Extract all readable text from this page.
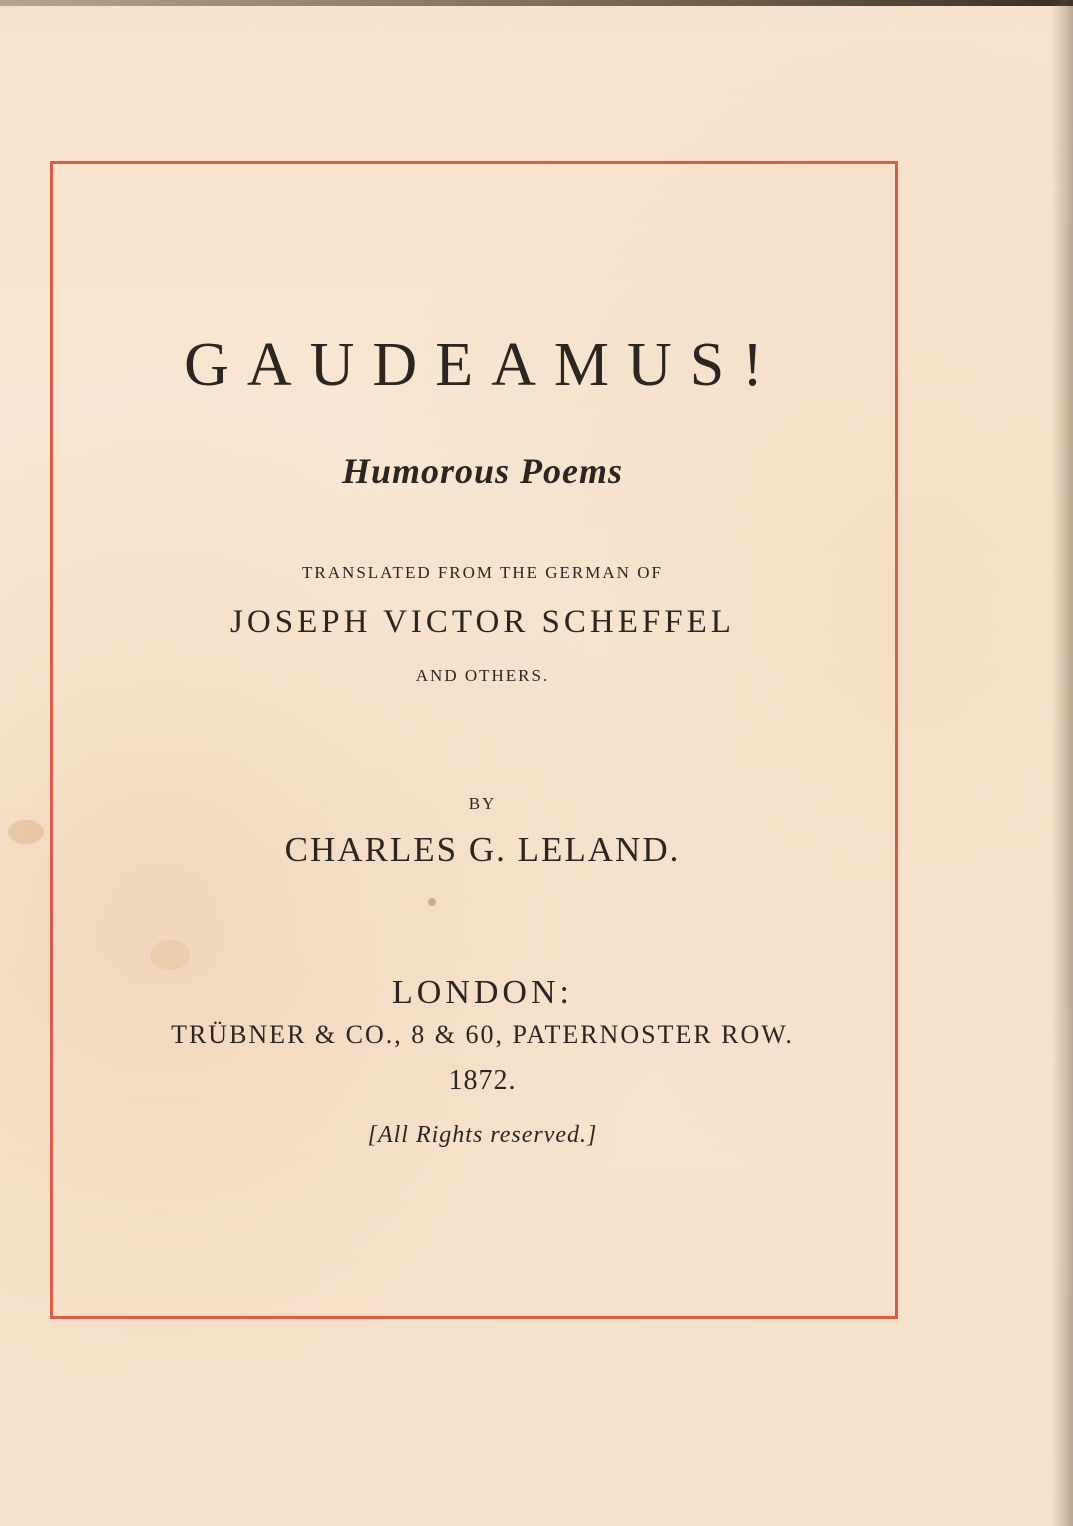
GAUDEAMUS!
Humorous Poems
TRANSLATED FROM THE GERMAN OF
JOSEPH VICTOR SCHEFFEL
AND OTHERS.
BY
CHARLES G. LELAND.
LONDON:
TRÜBNER & CO., 8 & 60, PATERNOSTER ROW.
1872.
[All Rights reserved.]
